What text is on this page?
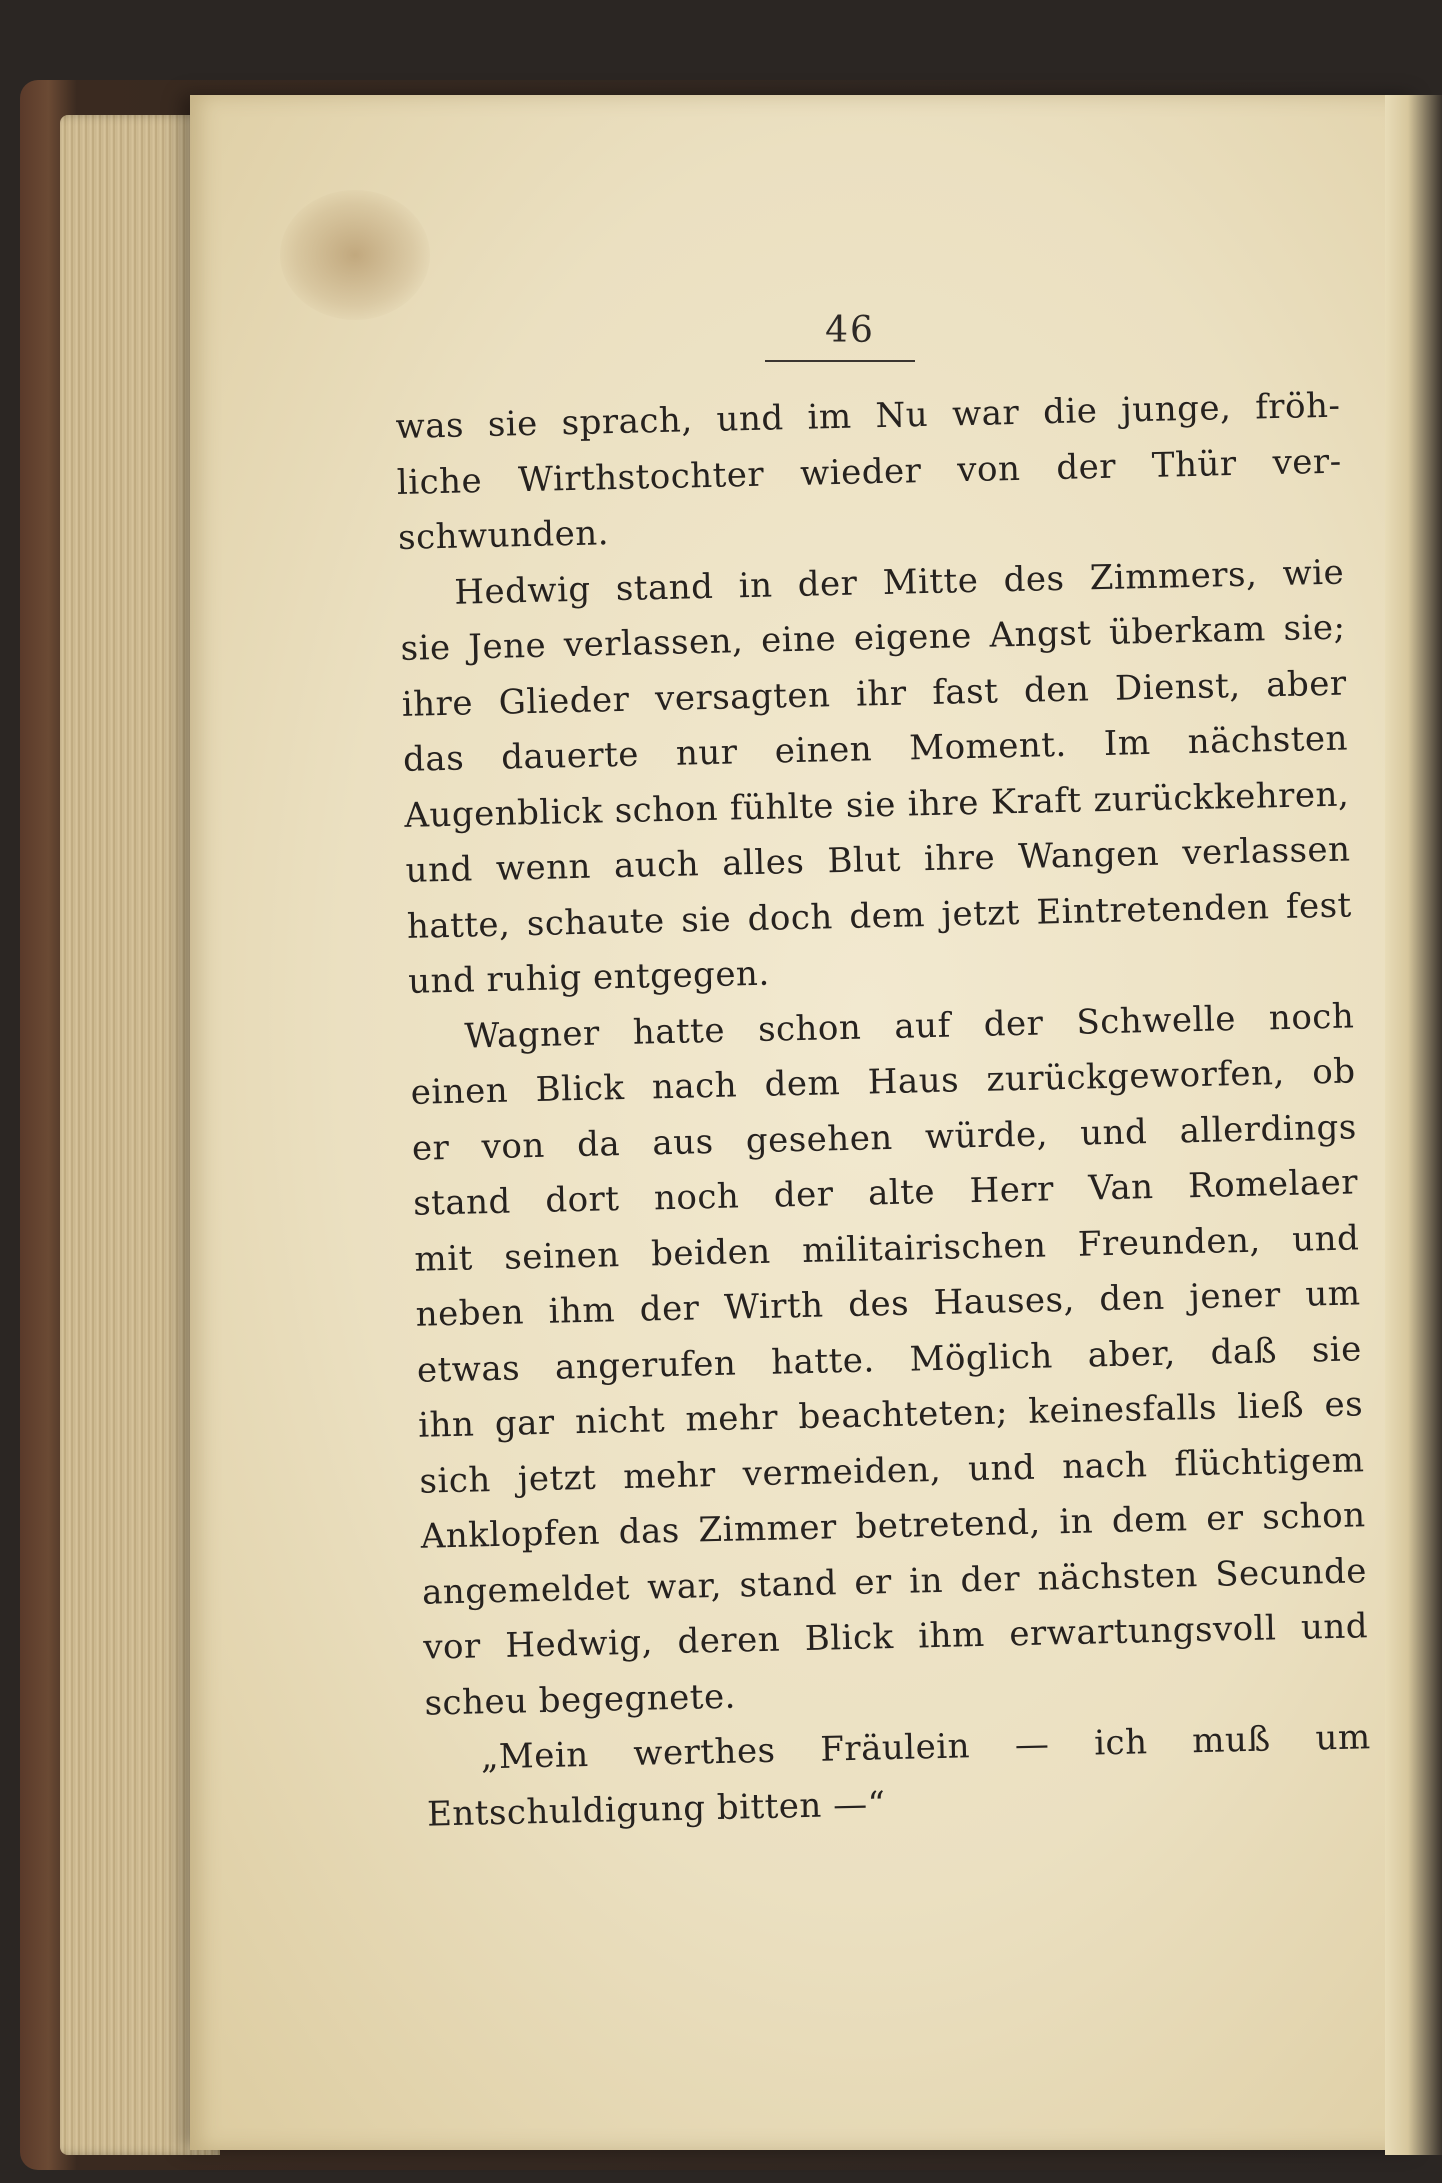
46
was sie sprach, und im Nu war die junge, fröh-
liche Wirthstochter wieder von der Thür ver-
schwunden.
Hedwig stand in der Mitte des Zimmers, wie
sie Jene verlassen, eine eigene Angst überkam sie;
ihre Glieder versagten ihr fast den Dienst, aber
das dauerte nur einen Moment. Im nächsten
Augenblick schon fühlte sie ihre Kraft zurückkehren,
und wenn auch alles Blut ihre Wangen verlassen
hatte, schaute sie doch dem jetzt Eintretenden fest
und ruhig entgegen.
Wagner hatte schon auf der Schwelle noch
einen Blick nach dem Haus zurückgeworfen, ob
er von da aus gesehen würde, und allerdings
stand dort noch der alte Herr Van Romelaer
mit seinen beiden militairischen Freunden, und
neben ihm der Wirth des Hauses, den jener um
etwas angerufen hatte. Möglich aber, daß sie
ihn gar nicht mehr beachteten; keinesfalls ließ es
sich jetzt mehr vermeiden, und nach flüchtigem
Anklopfen das Zimmer betretend, in dem er schon
angemeldet war, stand er in der nächsten Secunde
vor Hedwig, deren Blick ihm erwartungsvoll und
scheu begegnete.
„Mein werthes Fräulein — ich muß um
Entschuldigung bitten —“
